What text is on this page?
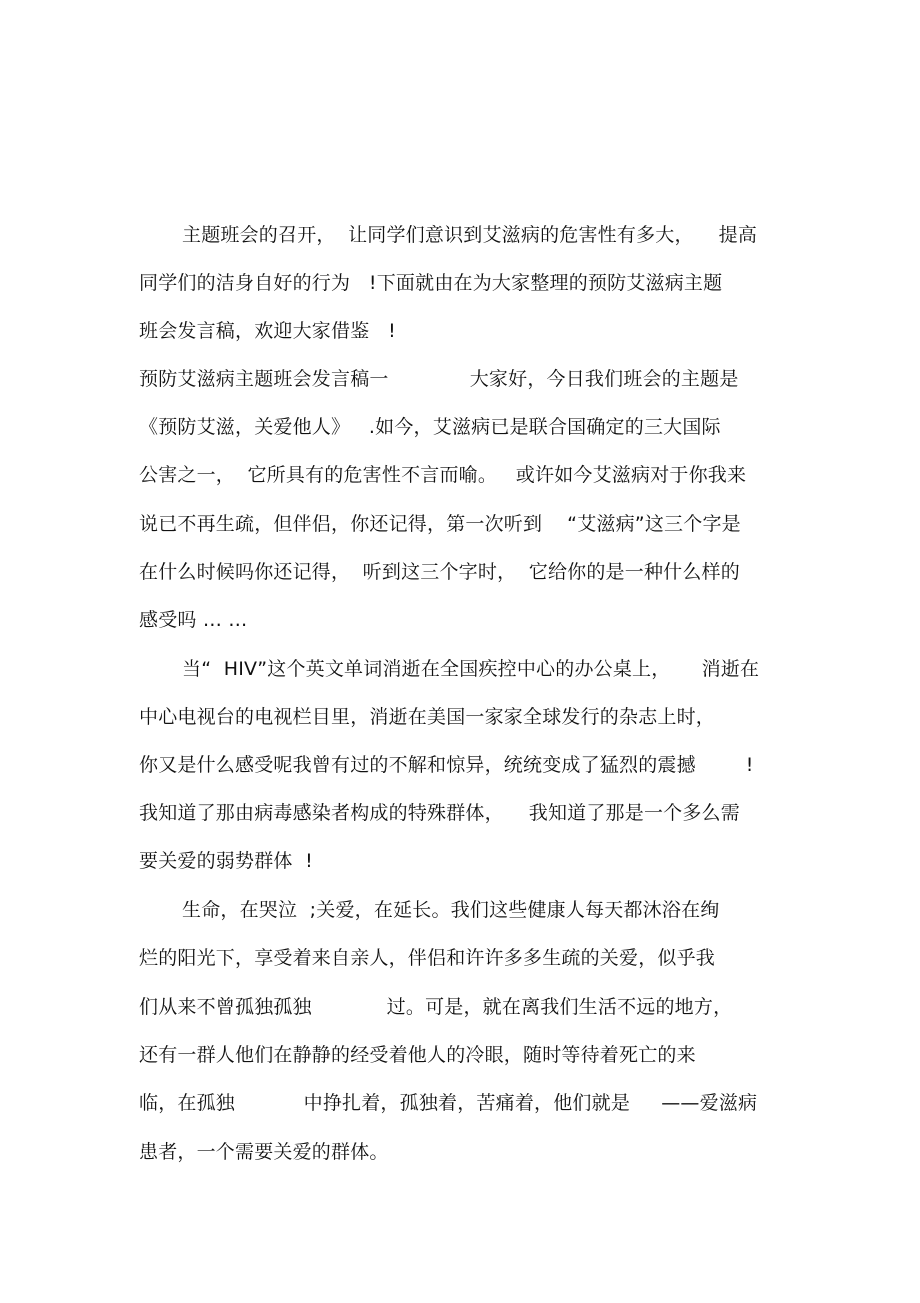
主题班会的召开，  让同学们意识到艾滋病的危害性有多大，    提高
同学们的洁身自好的行为   !下面就由在为大家整理的预防艾滋病主题
班会发言稿，欢迎大家借鉴   !
预防艾滋病主题班会发言稿一             大家好，今日我们班会的主题是
《预防艾滋，关爱他人》   .如今，艾滋病已是联合国确定的三大国际
公害之一，  它所具有的危害性不言而喻。   或许如今艾滋病对于你我来
说已不再生疏，但伴侣，你还记得，第一次听到    “艾滋病”这三个字是
在什么时候吗你还记得，  听到这三个字时，  它给你的是一种什么样的
感受吗 … …
当“  HIV”这个英文单词消逝在全国疾控中心的办公桌上，     消逝在
中心电视台的电视栏目里，消逝在美国一家家全球发行的杂志上时，
你又是什么感受呢我曾有过的不解和惊异，统统变成了猛烈的震撼        !
我知道了那由病毒感染者构成的特殊群体，    我知道了那是一个多么需
要关爱的弱势群体  !
生命，在哭泣  ;关爱，在延长。我们这些健康人每天都沐浴在绚
烂的阳光下，享受着来自亲人，伴侣和许许多多生疏的关爱，似乎我
们从来不曾孤独孤独            过。可是，就在离我们生活不远的地方，
还有一群人他们在静静的经受着他人的冷眼，随时等待着死亡的来
临，在孤独           中挣扎着，孤独着，苦痛着，他们就是     ——爱滋病
患者，一个需要关爱的群体。
